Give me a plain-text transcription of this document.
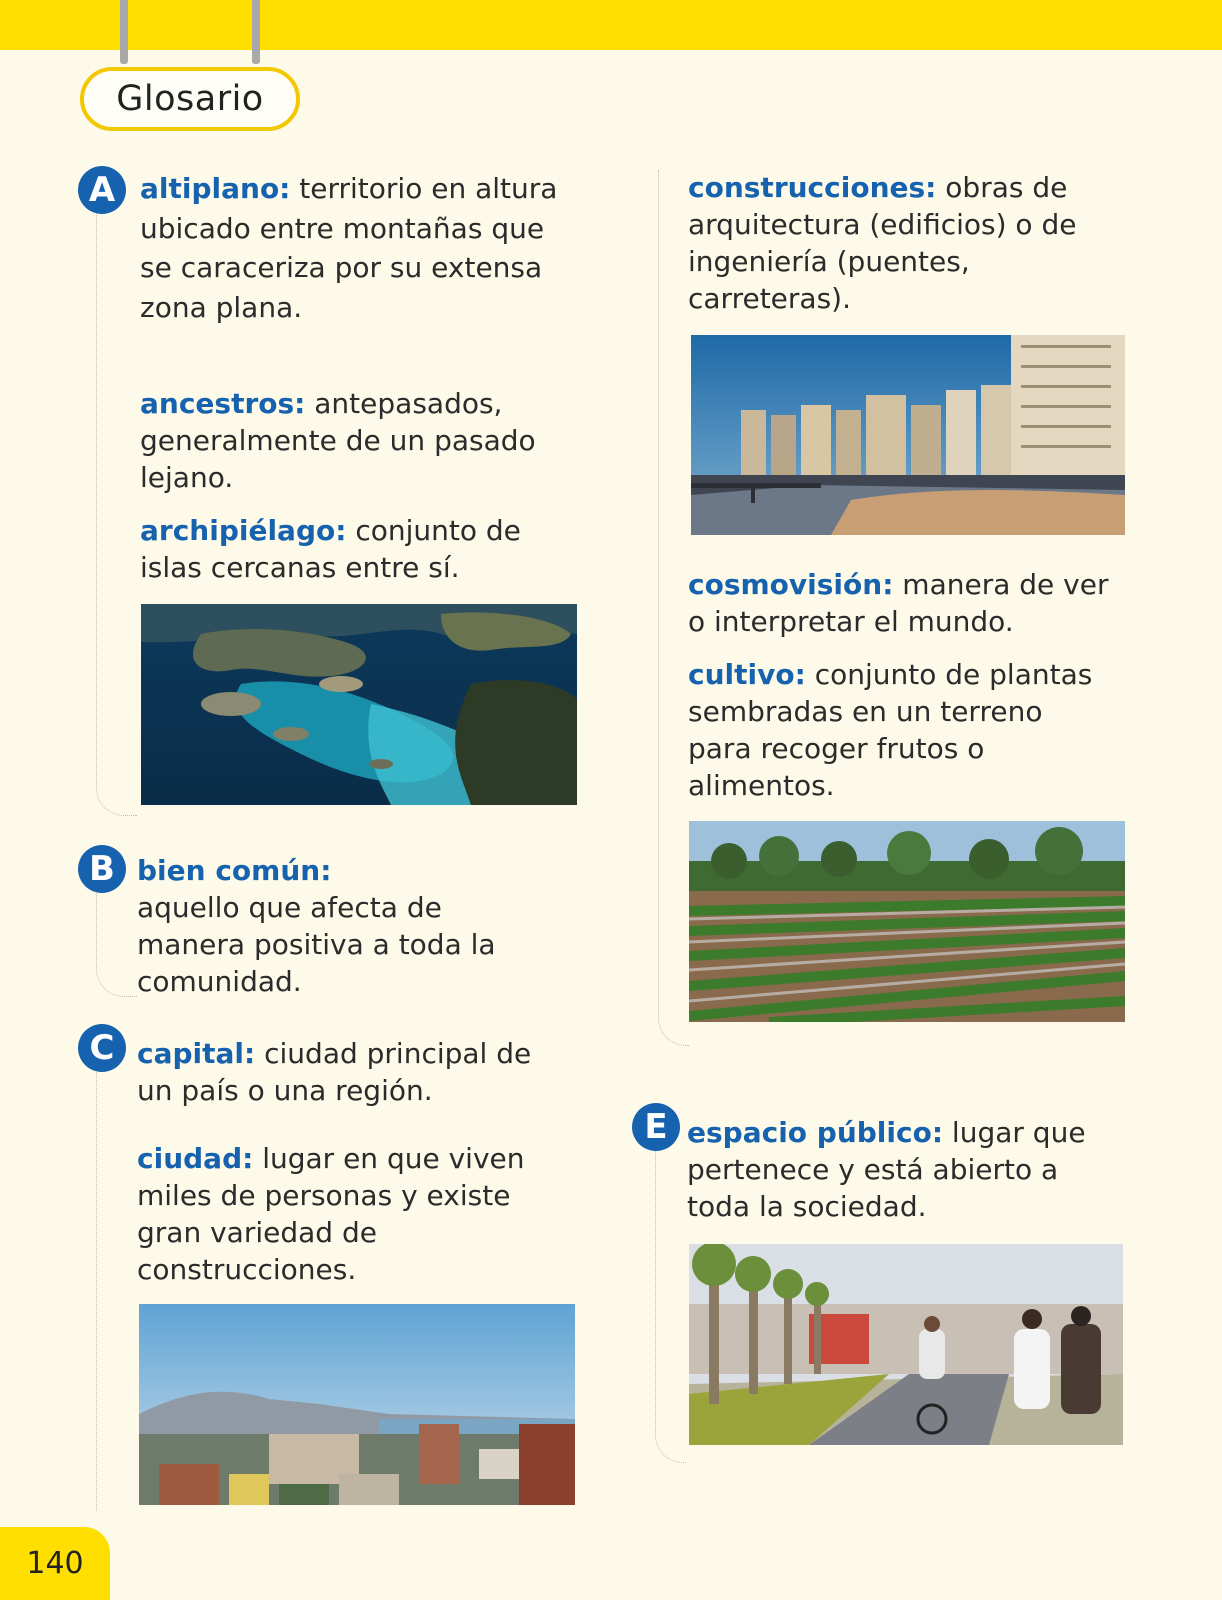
Glosario
A
B
C
E

altiplano: territorio en altura ubicado entre montañas que se caraceriza por su extensa zona plana.

ancestros: antepasados, generalmente de un pasado lejano.

archipiélago: conjunto de islas cercanas entre sí.

bien común:
aquello que afecta de manera positiva a toda la comunidad.

capital: ciudad principal de un país o una región.

ciudad: lugar en que viven miles de personas y existe gran variedad de construcciones.

construcciones: obras de arquitectura (edificios) o de ingeniería (puentes, carreteras).

cosmovisión: manera de ver o interpretar el mundo.

cultivo: conjunto de plantas sembradas en un terreno para recoger frutos o alimentos.

espacio público: lugar que pertenece y está abierto a toda la sociedad.

140
